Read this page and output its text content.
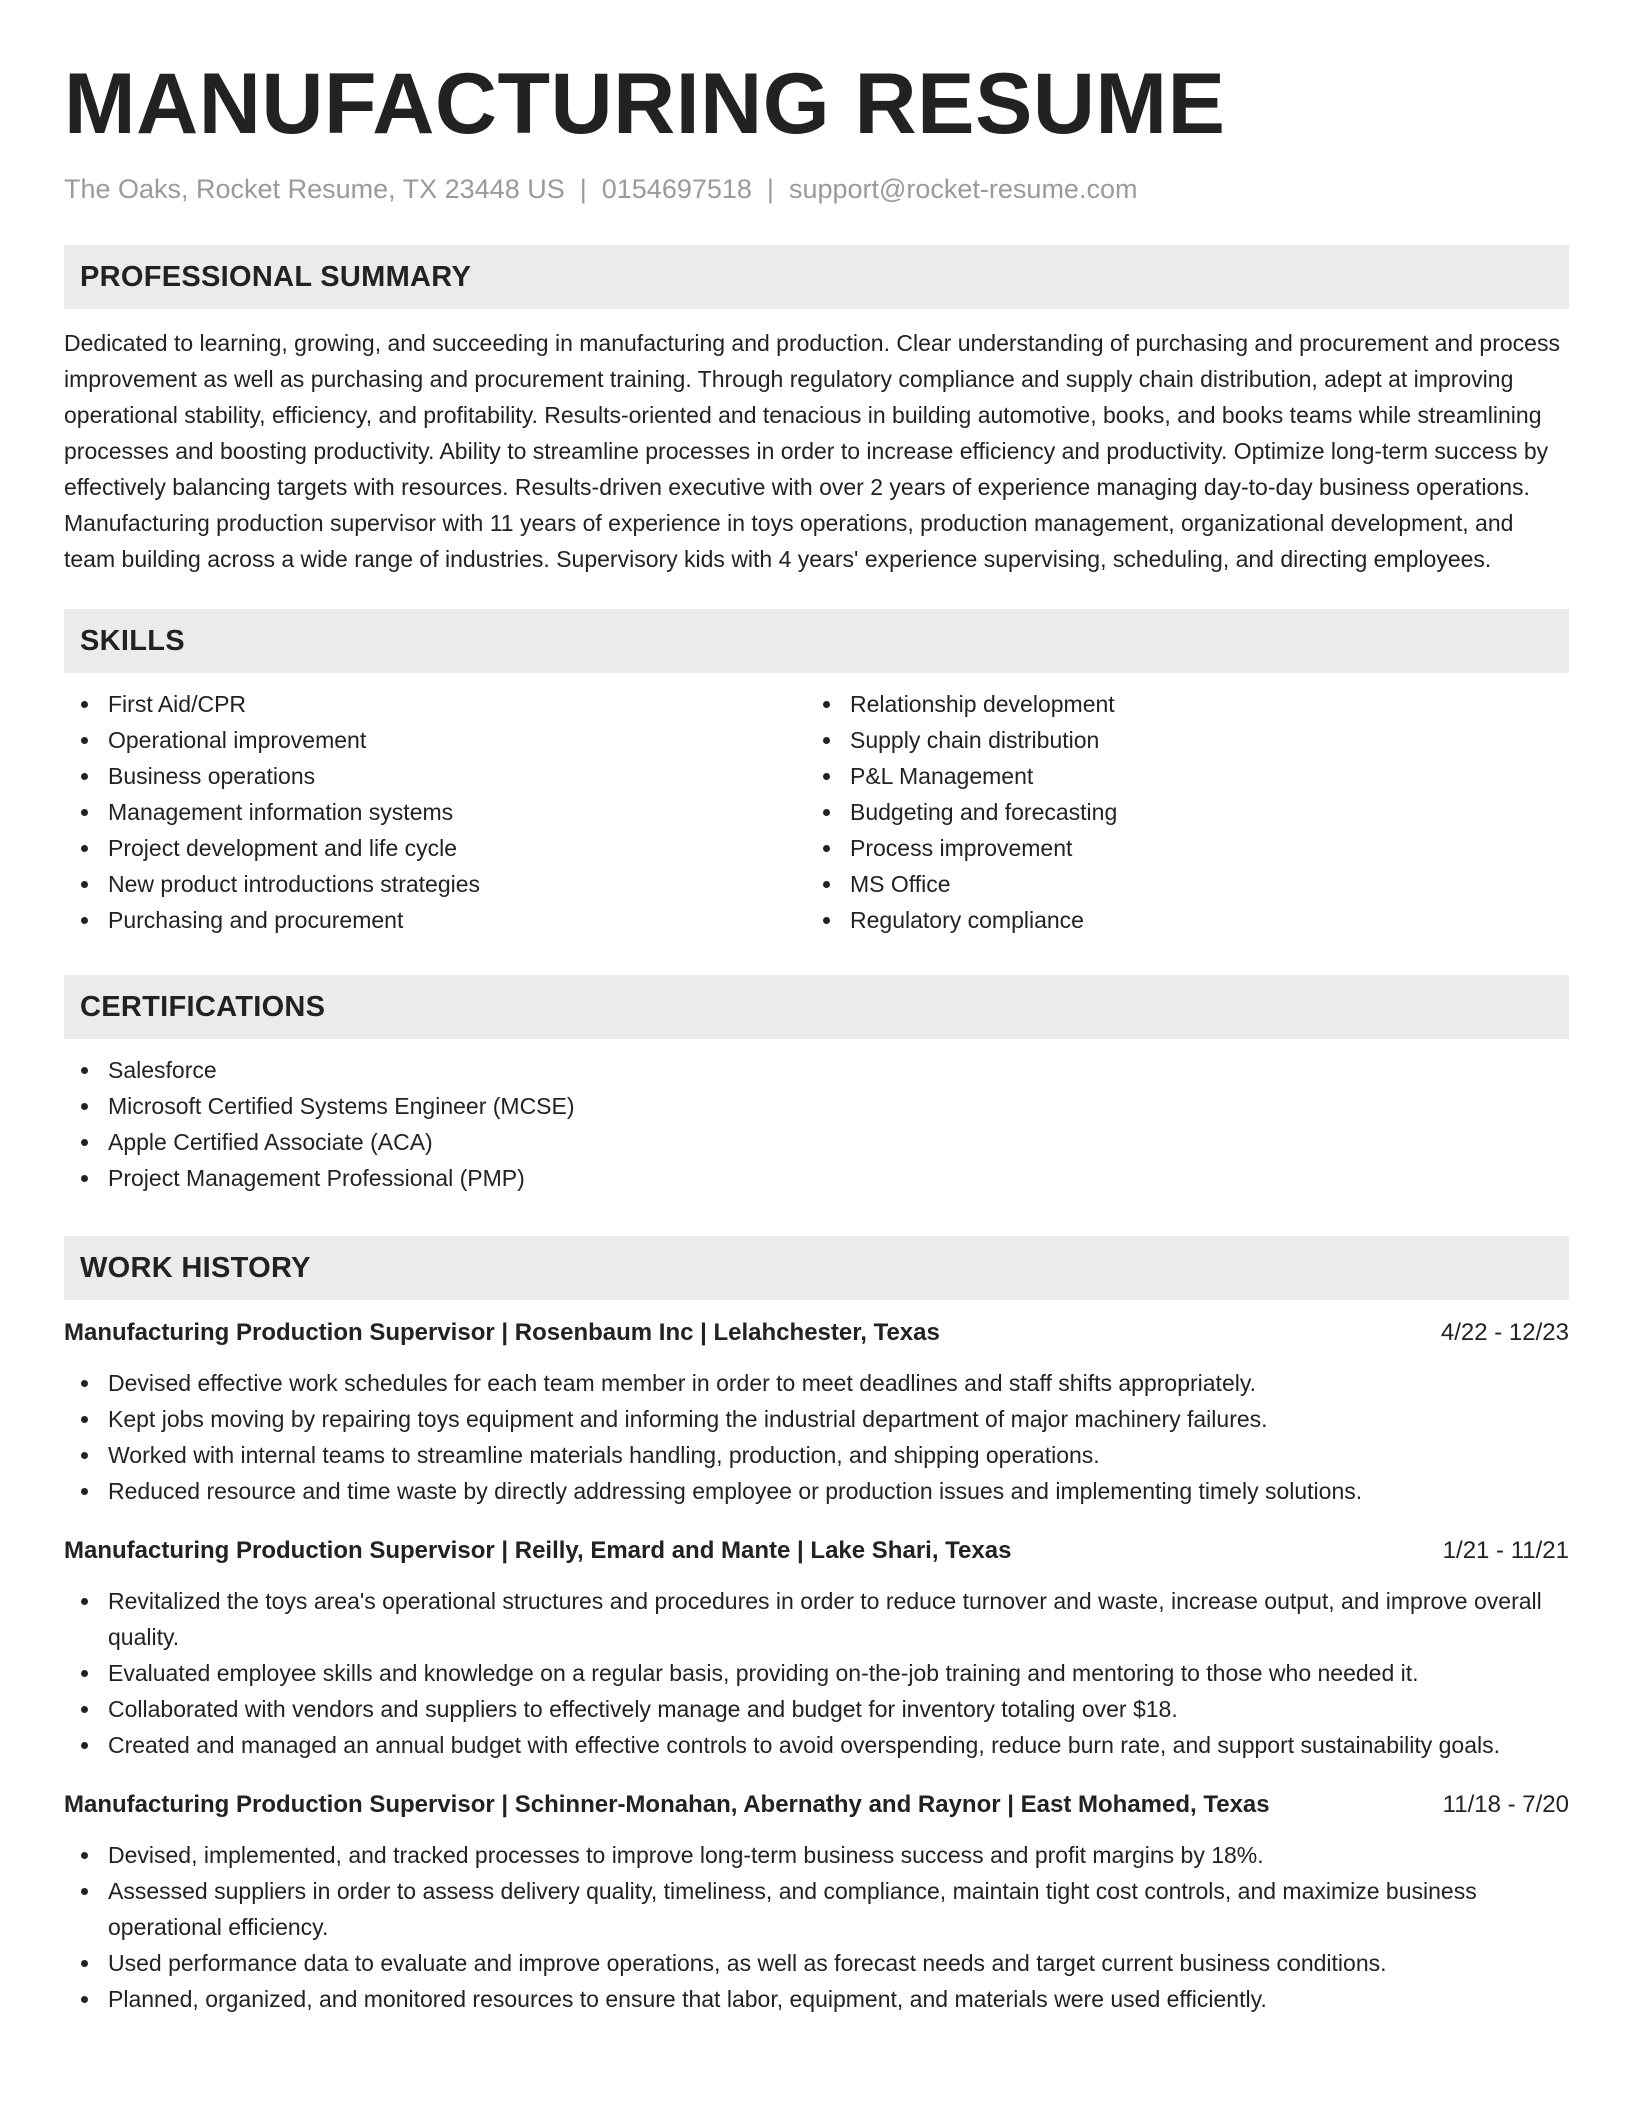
MANUFACTURING RESUME
The Oaks, Rocket Resume, TX 23448 US | 0154697518 | support@rocket-resume.com
PROFESSIONAL SUMMARY

Dedicated to learning, growing, and succeeding in manufacturing and production. Clear understanding of purchasing and procurement and process improvement as well as purchasing and procurement training. Through regulatory compliance and supply chain distribution, adept at improving operational stability, efficiency, and profitability. Results-oriented and tenacious in building automotive, books, and books teams while streamlining processes and boosting productivity. Ability to streamline processes in order to increase efficiency and productivity. Optimize long-term success by effectively balancing targets with resources. Results-driven executive with over 2 years of experience managing day-to-day business operations. Manufacturing production supervisor with 11 years of experience in toys operations, production management, organizational development, and team building across a wide range of industries. Supervisory kids with 4 years' experience supervising, scheduling, and directing employees.

SKILLS
First Aid/CPR
Operational improvement
Business operations
Management information systems
Project development and life cycle
New product introductions strategies
Purchasing and procurement
Relationship development
Supply chain distribution
P&L Management
Budgeting and forecasting
Process improvement
MS Office
Regulatory compliance
CERTIFICATIONS
Salesforce
Microsoft Certified Systems Engineer (MCSE)
Apple Certified Associate (ACA)
Project Management Professional (PMP)
WORK HISTORY
Manufacturing Production Supervisor | Rosenbaum Inc | Lelahchester, Texas	4/22 - 12/23
Devised effective work schedules for each team member in order to meet deadlines and staff shifts appropriately.
Kept jobs moving by repairing toys equipment and informing the industrial department of major machinery failures.
Worked with internal teams to streamline materials handling, production, and shipping operations.
Reduced resource and time waste by directly addressing employee or production issues and implementing timely solutions.
Manufacturing Production Supervisor | Reilly, Emard and Mante | Lake Shari, Texas	1/21 - 11/21
Revitalized the toys area's operational structures and procedures in order to reduce turnover and waste, increase output, and improve overall quality.
Evaluated employee skills and knowledge on a regular basis, providing on-the-job training and mentoring to those who needed it.
Collaborated with vendors and suppliers to effectively manage and budget for inventory totaling over $18.
Created and managed an annual budget with effective controls to avoid overspending, reduce burn rate, and support sustainability goals.
Manufacturing Production Supervisor | Schinner-Monahan, Abernathy and Raynor | East Mohamed, Texas	11/18 - 7/20
Devised, implemented, and tracked processes to improve long-term business success and profit margins by 18%.
Assessed suppliers in order to assess delivery quality, timeliness, and compliance, maintain tight cost controls, and maximize business operational efficiency.
Used performance data to evaluate and improve operations, as well as forecast needs and target current business conditions.
Planned, organized, and monitored resources to ensure that labor, equipment, and materials were used efficiently.
